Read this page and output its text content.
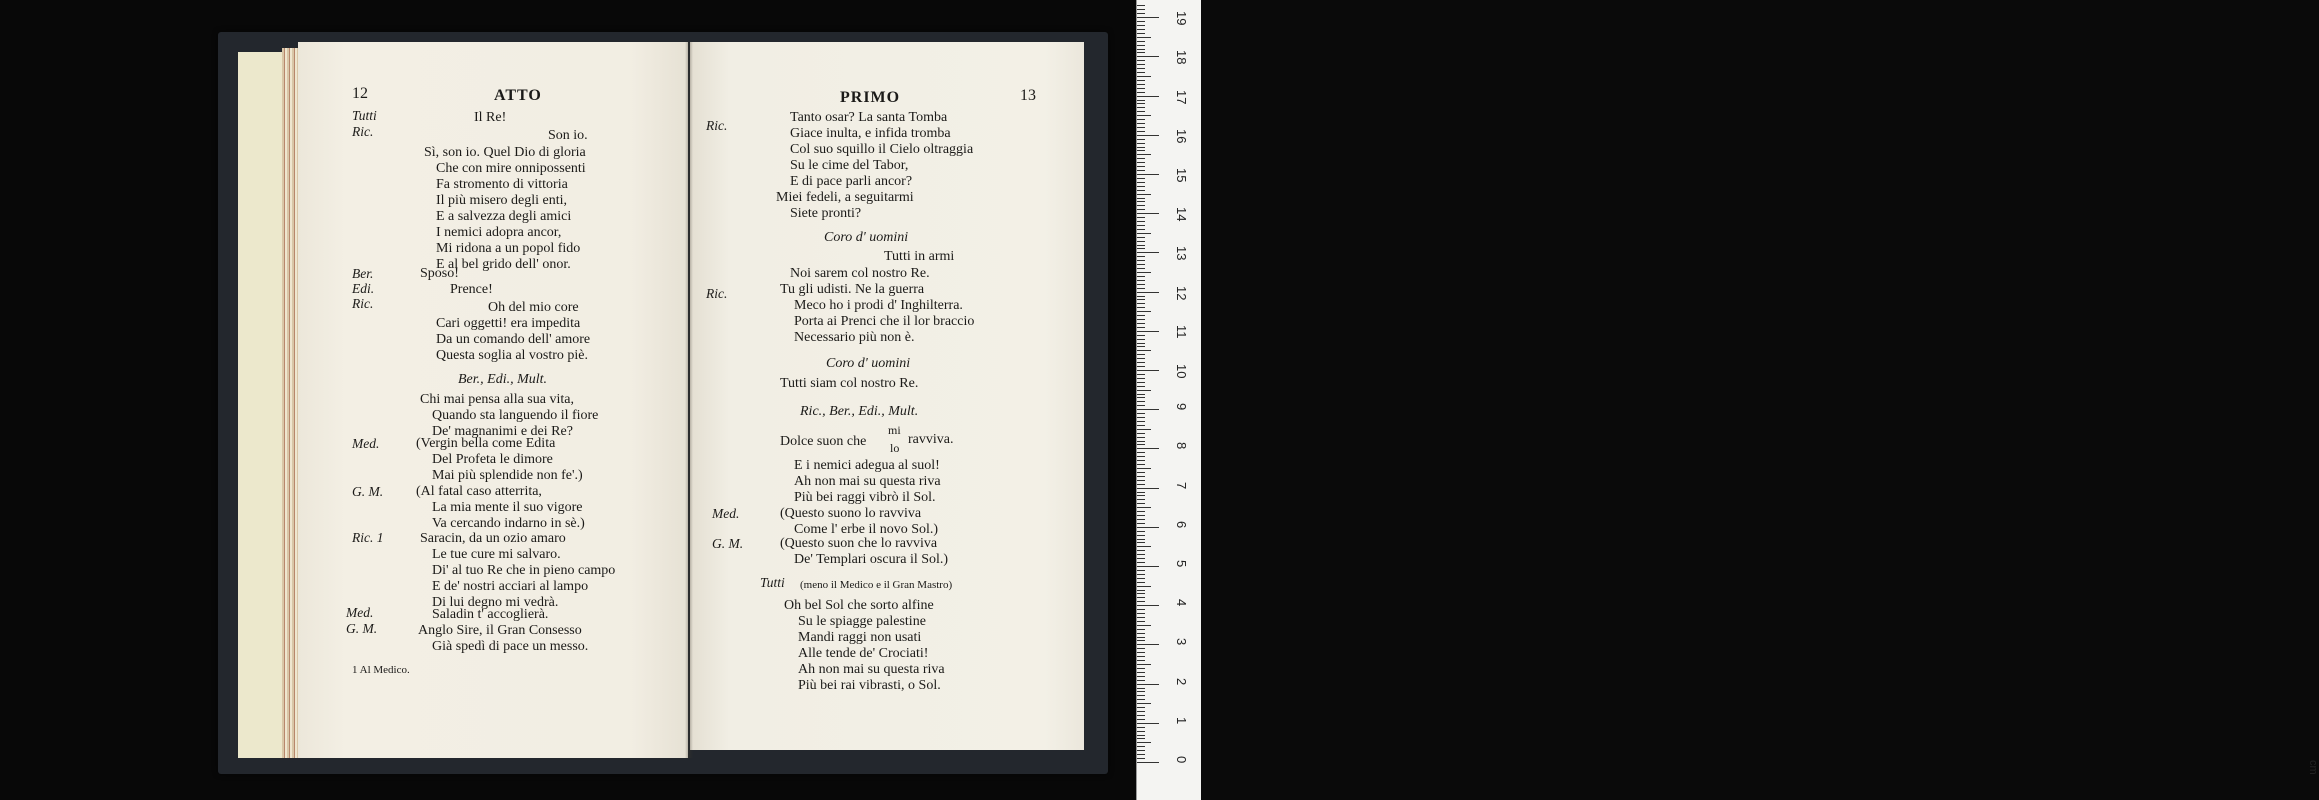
12	ATTO
Tutti	Il Re!
Ric.	Son io.
Sì, son io. Quel Dio di gloria
Che con mire onnipossenti
Fa stromento di vittoria
Il più misero degli enti,
E a salvezza degli amici
I nemici adopra ancor,
Mi ridona a un popol fido
E al bel grido dell' onor.
Ber.	Sposo!
Edi.	Prence!
Ric.	Oh del mio core
Cari oggetti! era impedita
Da un comando dell' amore
Questa soglia al vostro piè.
Ber., Edi., Mult.
Chi mai pensa alla sua vita,
Quando sta languendo il fiore
De' magnanimi e dei Re?
Med.	(Vergin bella come Edita
Del Profeta le dimore
Mai più splendide non fe'.)
G. M. (Al fatal caso atterrita,
La mia mente il suo vigore
Va cercando indarno in sè.)
Ric. 1	Saracin, da un ozio amaro
Le tue cure mi salvaro.
Di' al tuo Re che in pieno campo
E de' nostri acciari al lampo
Di lui degno mi vedrà.
Med.	Saladin t' accoglierà.
G. M.	Anglo Sire, il Gran Consesso
Già spedì di pace un messo.
1 Al Medico.
PRIMO	13
Ric.
Tanto osar? La santa Tomba
Giace inulta, e infida tromba
Col suo squillo il Cielo oltraggia
Su le cime del Tabor,
E di pace parli ancor?
Miei fedeli, a seguitarmi
Siete pronti?
Coro d' uomini
Tutti in armi
Noi sarem col nostro Re.
Ric.	Tu gli udisti. Ne la guerra
Meco ho i prodi d' Inghilterra.
Porta ai Prenci che il lor braccio
Necessario più non è.
Coro d' uomini
Tutti siam col nostro Re.
Ric., Ber., Edi., Mult.
Dolce suon che
mi
lo
ravviva.
E i nemici adegua al suol!
Ah non mai su questa riva
Più bei raggi vibrò il Sol.
Med.	(Questo suono lo ravviva
Come l' erbe il novo Sol.)
G. M.	(Questo suon che lo ravviva
De' Templari oscura il Sol.)
Tutti (meno il Medico e il Gran Mastro)
Oh bel Sol che sorto alfine
Su le spiagge palestine
Mandi raggi non usati
Alle tende de' Crociati!
Ah non mai su questa riva
Più bei rai vibrasti, o Sol.
cm
0
1
2
3
4
5
6
7
8
9
10
11
12
13
14
15
16
17
18
19
